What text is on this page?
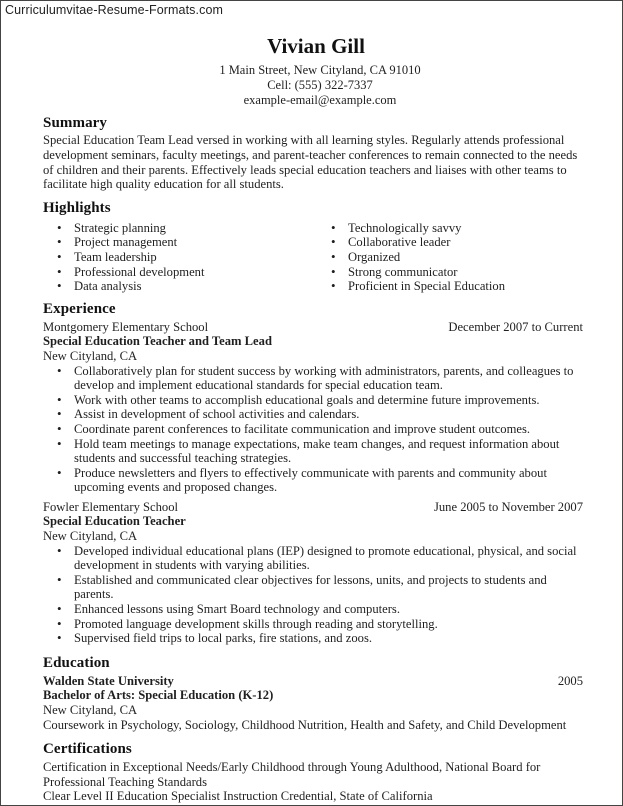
Curriculumvitae-Resume-Formats.com
Vivian Gill
1 Main Street, New Cityland, CA 91010
Cell: (555) 322-7337
example-email@example.com
Summary
Special Education Team Lead versed in working with all learning styles. Regularly attends professional development seminars, faculty meetings, and parent-teacher conferences to remain connected to the needs of children and their parents. Effectively leads special education teachers and liaises with other teams to facilitate high quality education for all students.
Highlights
• Strategic planning
• Project management
• Team leadership
• Professional development
• Data analysis
• Technologically savvy
• Collaborative leader
• Organized
• Strong communicator
• Proficient in Special Education
Experience
Montgomery Elementary School	December 2007 to Current
Special Education Teacher and Team Lead
New Cityland, CA
• Collaboratively plan for student success by working with administrators, parents, and colleagues to develop and implement educational standards for special education team.
• Work with other teams to accomplish educational goals and determine future improvements.
• Assist in development of school activities and calendars.
• Coordinate parent conferences to facilitate communication and improve student outcomes.
• Hold team meetings to manage expectations, make team changes, and request information about students and successful teaching strategies.
• Produce newsletters and flyers to effectively communicate with parents and community about upcoming events and proposed changes.
Fowler Elementary School	June 2005 to November 2007
Special Education Teacher
New Cityland, CA
• Developed individual educational plans (IEP) designed to promote educational, physical, and social development in students with varying abilities.
• Established and communicated clear objectives for lessons, units, and projects to students and parents.
• Enhanced lessons using Smart Board technology and computers.
• Promoted language development skills through reading and storytelling.
• Supervised field trips to local parks, fire stations, and zoos.
Education
Walden State University	2005
Bachelor of Arts: Special Education (K-12)
New Cityland, CA
Coursework in Psychology, Sociology, Childhood Nutrition, Health and Safety, and Child Development
Certifications
Certification in Exceptional Needs/Early Childhood through Young Adulthood, National Board for Professional Teaching Standards
Clear Level II Education Specialist Instruction Credential, State of California
